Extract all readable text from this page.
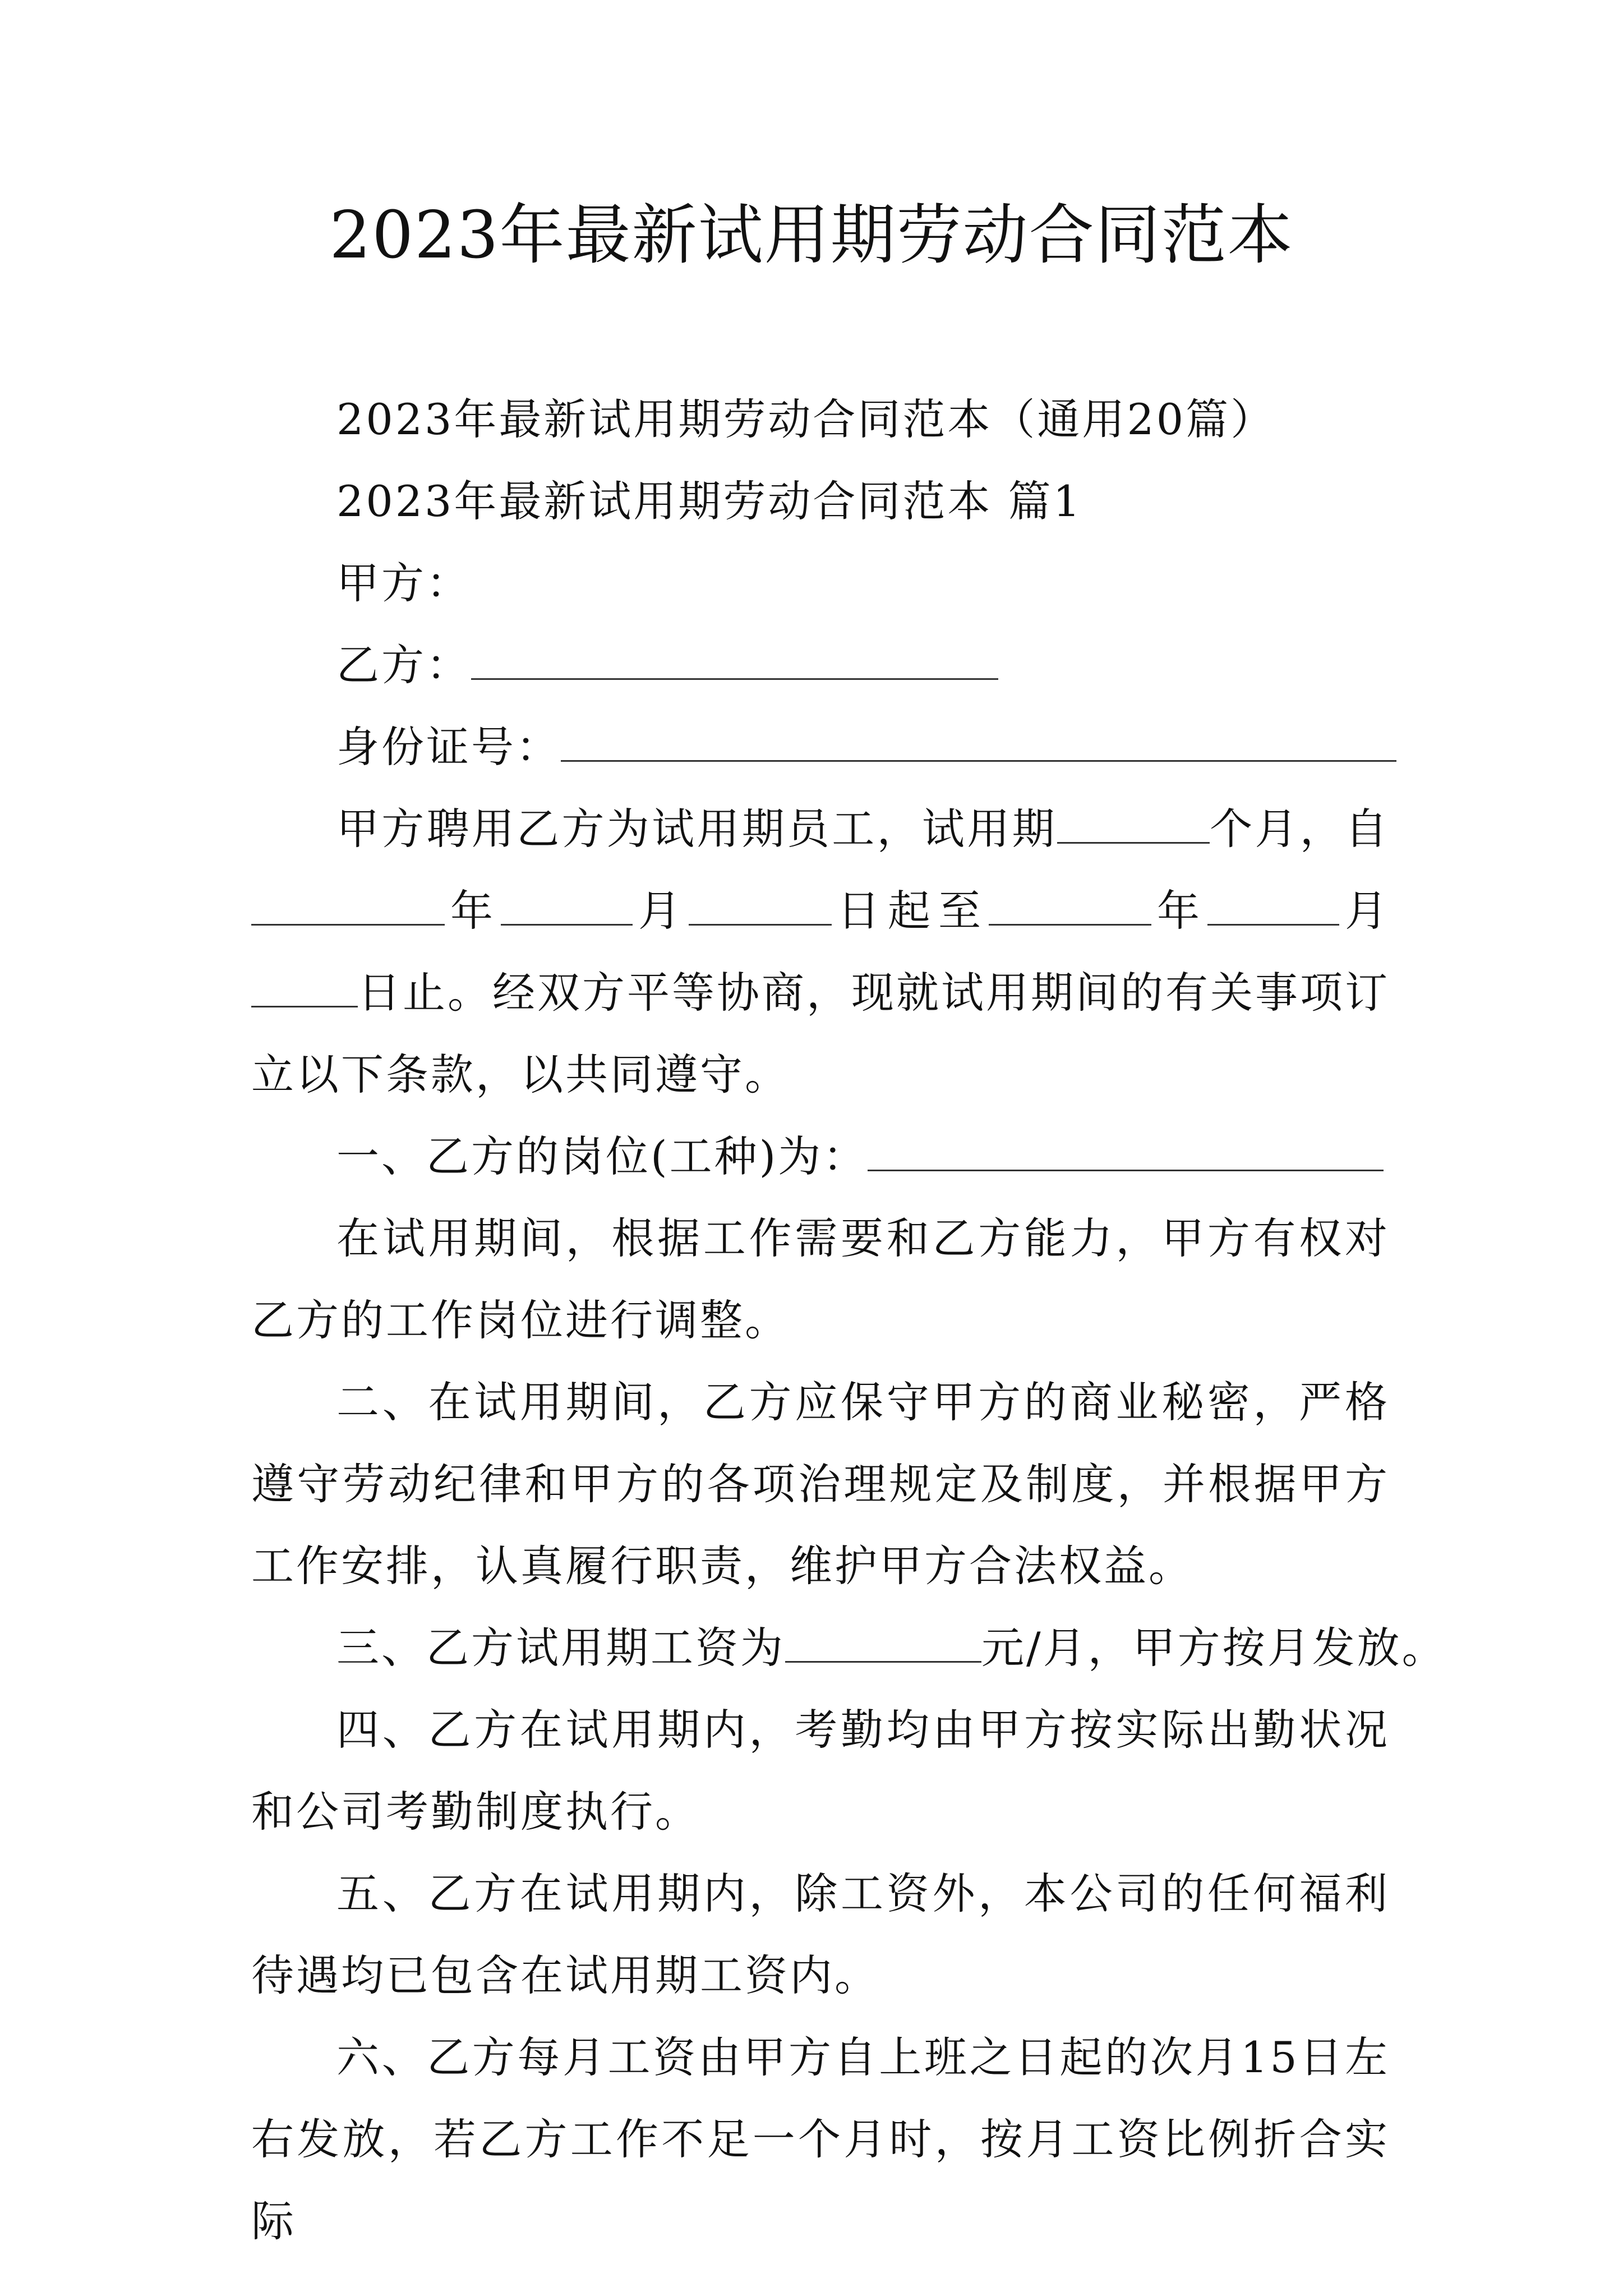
2023年最新试用期劳动合同范本

2023年最新试用期劳动合同范本（通用20篇）

2023年最新试用期劳动合同范本 篇1

甲方：

乙方：

身份证号：

甲方聘用乙方为试用期员工，试用期	个月，自年	月	日起至	年	月日止。经双方平等协商，现就试用期间的有关事项订立以下条款，以共同遵守。

一、乙方的岗位(工种)为：

在试用期间，根据工作需要和乙方能力，甲方有权对乙方的工作岗位进行调整。

二、在试用期间，乙方应保守甲方的商业秘密，严格遵守劳动纪律和甲方的各项治理规定及制度，并根据甲方工作安排，认真履行职责，维护甲方合法权益。

三、乙方试用期工资为	元/月，甲方按月发放。

四、乙方在试用期内，考勤均由甲方按实际出勤状况和公司考勤制度执行。

五、乙方在试用期内，除工资外，本公司的任何福利待遇均已包含在试用期工资内。

六、乙方每月工资由甲方自上班之日起的次月15日左右发放，若乙方工作不足一个月时，按月工资比例折合实际
